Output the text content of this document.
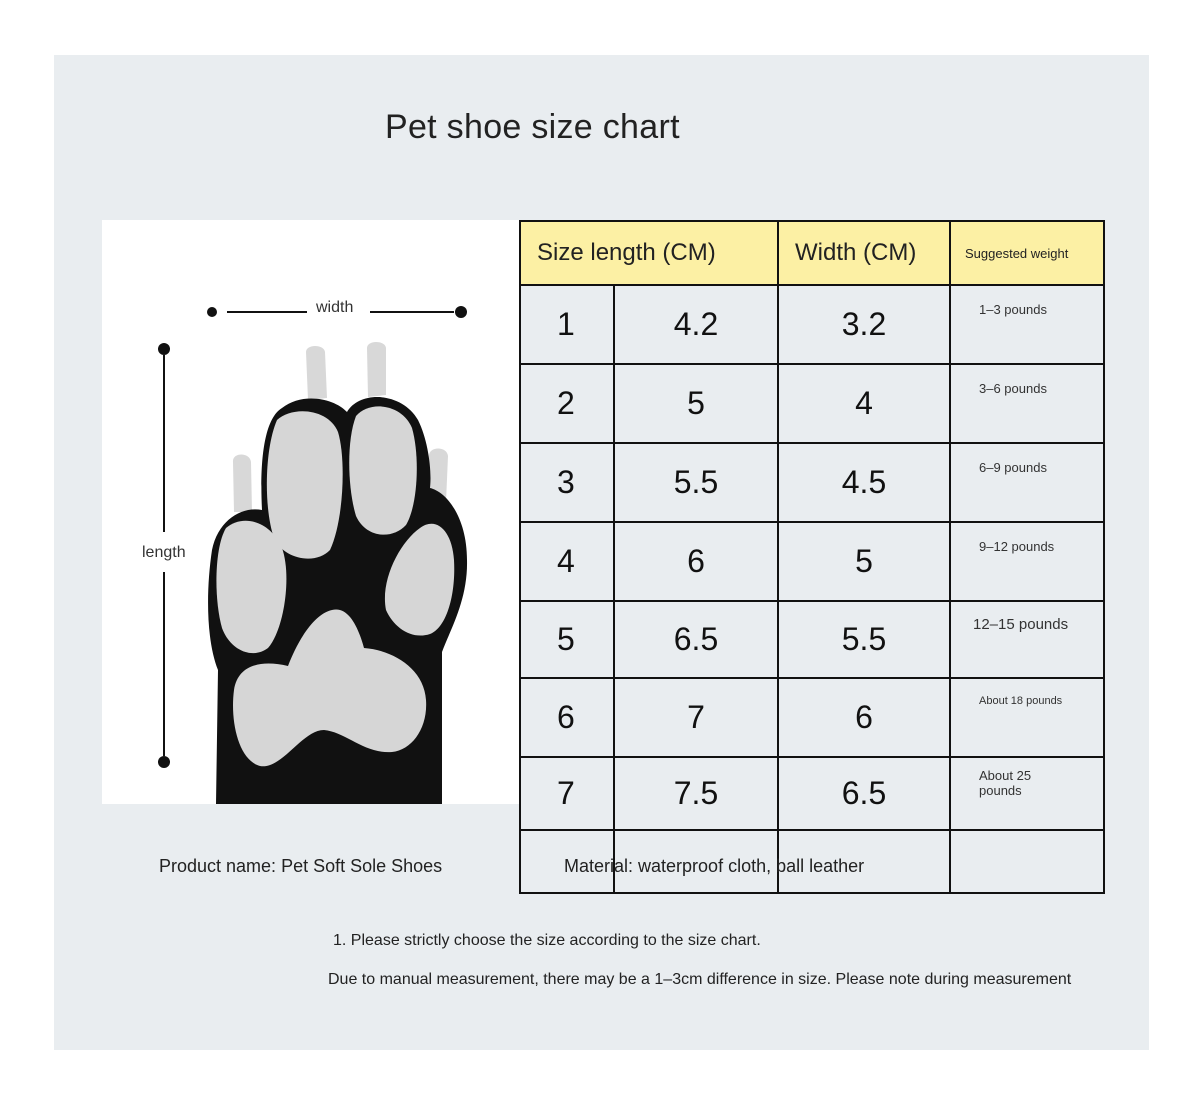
Pet shoe size chart
width
length
Size length (CM)		Width (CM)	Suggested weight
1	4.2	3.2	1–3 pounds
2	5	4	3–6 pounds
3	5.5	4.5	6–9 pounds
4	6	5	9–12 pounds
5	6.5	5.5	12–15 pounds
6	7	6	About 18 pounds
7	7.5	6.5	About 25 pounds

Product name: Pet Soft Sole Shoes	Material: waterproof cloth, ball leather
1. Please strictly choose the size according to the size chart.
Due to manual measurement, there may be a 1–3cm difference in size. Please note during measurement
